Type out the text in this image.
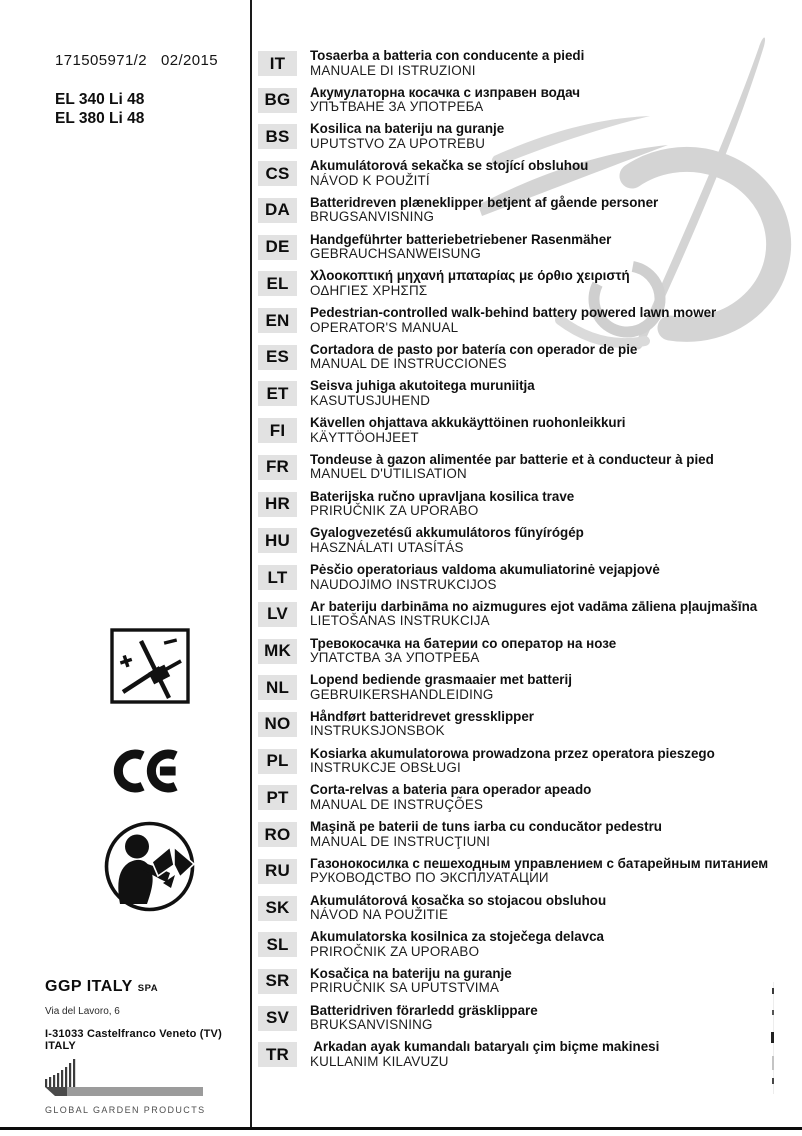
171505971/2 02/2015
EL 340 Li 48
EL 380 Li 48
IT	Tosaerba a batteria con conducente a piedi
MANUALE DI ISTRUZIONI
BG	Акумулаторна косачка с изправен водач
УПЪТВАНЕ ЗА УПОТРЕБА
BS	Kosilica na bateriju na guranje
UPUTSTVO ZA UPOTREBU
CS	Akumulátorová sekačka se stojící obsluhou
NÁVOD K POUŽITÍ
DA	Batteridreven plæneklipper betjent af gående personer
BRUGSANVISNING
DE	Handgeführter batteriebetriebener Rasenmäher
GEBRAUCHSANWEISUNG
EL	Χλοοκοπτική μηχανή μπαταρίας με όρθιο χειριστή
ΟΔΗΓΙΕΣ ΧΡΗΣΠΣ
EN	Pedestrian-controlled walk-behind battery powered lawn mower
OPERATOR'S MANUAL
ES	Cortadora de pasto por batería con operador de pie
MANUAL DE INSTRUCCIONES
ET	Seisva juhiga akutoitega muruniitja
KASUTUSJUHEND
FI	Kävellen ohjattava akkukäyttöinen ruohonleikkuri
KÄYTTÖOHJEET
FR	Tondeuse à gazon alimentée par batterie et à conducteur à pied
MANUEL D'UTILISATION
HR	Baterijska ručno upravljana kosilica trave
PRIRUČNIK ZA UPORABO
HU	Gyalogvezetésű akkumulátoros fűnyírógép
HASZNÁLATI UTASÍTÁS
LT	Pėsčio operatoriaus valdoma akumuliatorinė vejapjovė
NAUDOJIMO INSTRUKCIJOS
LV	Ar bateriju darbināma no aizmugures ejot vadāma zāliena pļaujmašīna
LIETOŠANAS INSTRUKCIJA
MK	Тревокосачка на батерии со оператор на нозе
УПАТСТВА ЗА УПОТРЕБА
NL	Lopend bediende grasmaaier met batterij
GEBRUIKERSHANDLEIDING
NO	Håndført batteridrevet gressklipper
INSTRUKSJONSBOK
PL	Kosiarka akumulatorowa prowadzona przez operatora pieszego
INSTRUKCJE OBSŁUGI
PT	Corta-relvas a bateria para operador apeado
MANUAL DE INSTRUÇÕES
RO	Maşină pe baterii de tuns iarba cu conducător pedestru
MANUAL DE INSTRUCŢIUNI
RU	Газонокосилка с пешеходным управлением с батарейным питанием
РУКОВОДСТВО ПО ЭКСПЛУАТАЦИИ
SK	Akumulátorová kosačka so stojacou obsluhou
NÁVOD NA POUŽITIE
SL	Akumulatorska kosilnica za stoječega delavca
PRIROČNIK ZA UPORABO
SR	Kosačica na bateriju na guranje
PRIRUČNIK SA UPUTSTVIMA
SV	Batteridriven förarledd gräsklippare
BRUKSANVISNING
TR	Arkadan ayak kumandalı bataryalı çim biçme makinesi
KULLANIM KILAVUZU
GGP ITALY SPA
Via del Lavoro, 6
I-31033 Castelfranco Veneto (TV) ITALY
GLOBAL GARDEN PRODUCTS
